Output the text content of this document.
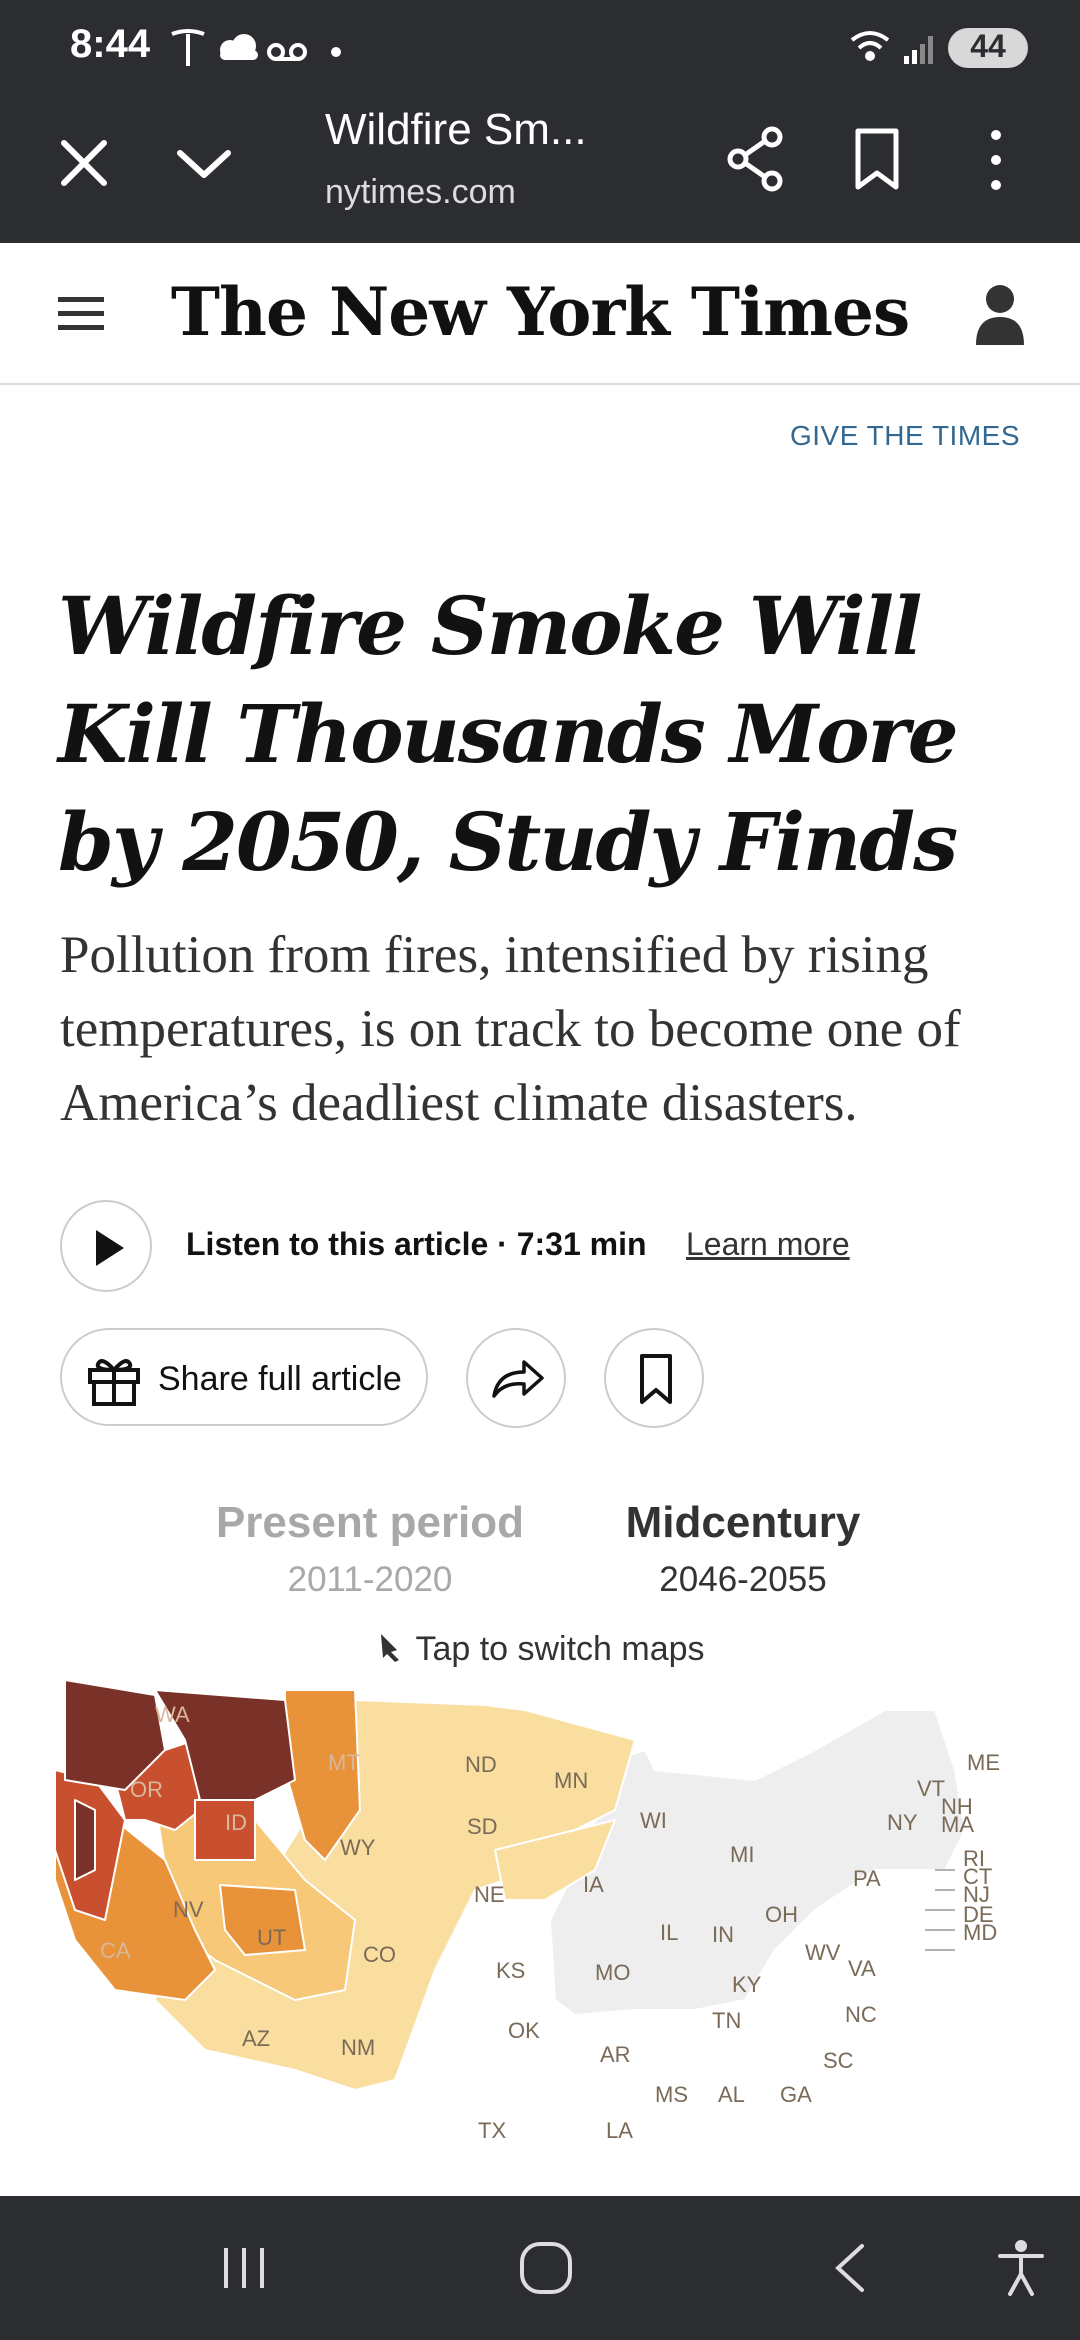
8:44	44
Wildfire Sm...
nytimes.com
The New York Times
GIVE THE TIMES
Wildfire Smoke Will Kill Thousands More by 2050, Study Finds

Pollution from fires, intensified by rising temperatures, is on track to become one of America’s deadliest climate disasters.

Listen to this article · 7:31 min Learn more
Share full article
Present period
2011-2020
Midcentury
2046-2055
Tap to switch maps
WA
OR
CA
ID
NV
MT
WY
UT
AZ
CO
NM
ND
SD
NE
KS
OK
TX
MN
IA
MO
AR
LA
WI
IL
MI
IN
OH
KY
TN
MS AL GA
SC
NC
VA
WV
PA
NY
VT
NH
MA
ME
RI
CT
NJ
DE
MD
